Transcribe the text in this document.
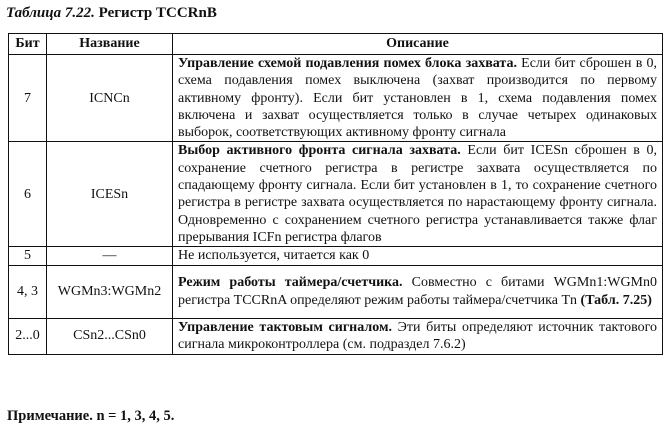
Таблица 7.22. Регистр TCCRnB
Бит	Название	Описание
7	ICNCn	Управление схемой подавления помех блока захвата. Если бит сброшен в 0, схема подавления помех выключена (захват производится по первому активному фронту). Если бит установлен в 1, схема подавления помех включена и захват осуществляется только в случае четырех одинаковых выборок, соответствующих активному фронту сигнала
6	ICESn	Выбор активного фронта сигнала захвата. Если бит ICESn сброшен в 0, сохранение счетного регистра в регистре захвата осуществляется по спадающему фронту сигнала. Если бит установлен в 1, то сохранение счетного регистра в регистре захвата осуществляется по нарастающему фронту сигнала. Одновременно с сохранением счетного регистра устанавливается также флаг прерывания ICFn регистра флагов
5	—	Не используется, читается как 0
4, 3	WGMn3:WGMn2	Режим работы таймера/счетчика. Совместно с битами WGMn1:WGMn0 регистра TCCRnA определяют режим работы таймера/счетчика Tn (Табл. 7.25)
2...0	CSn2...CSn0	Управление тактовым сигналом. Эти биты определяют источник тактового сигнала микроконтроллера (см. подраздел 7.6.2)
Примечание. n = 1, 3, 4, 5.
